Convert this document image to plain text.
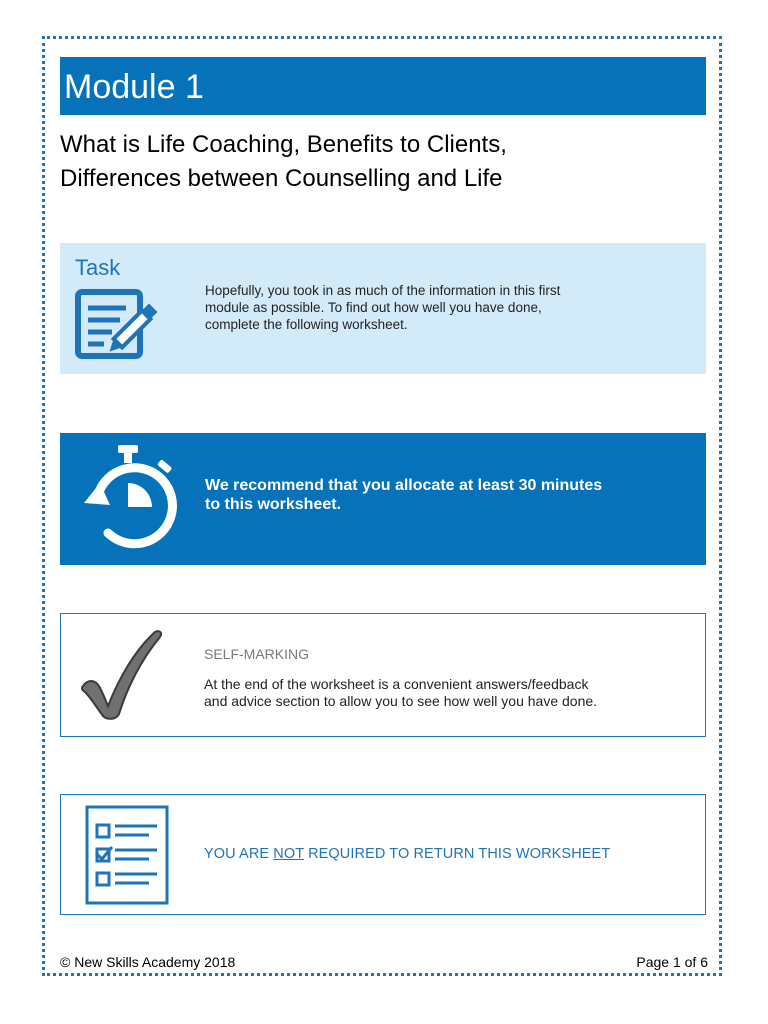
Module 1
What is Life Coaching, Benefits to Clients,
Differences between Counselling and Life
Task
Hopefully, you took in as much of the information in this first
module as possible. To find out how well you have done,
complete the following worksheet.
We recommend that you allocate at least 30 minutes
to this worksheet.
SELF-MARKING
At the end of the worksheet is a convenient answers/feedback
and advice section to allow you to see how well you have done.
YOU ARE NOT REQUIRED TO RETURN THIS WORKSHEET
© New Skills Academy 2018	Page 1 of 6
